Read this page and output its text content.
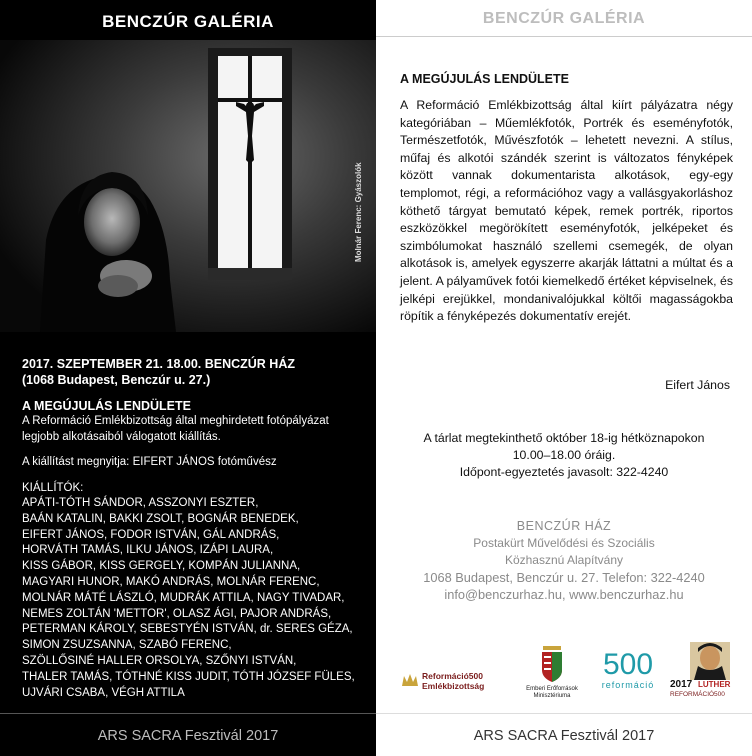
BENCZÚR GALÉRIA
Molnár Ferenc: Gyászolók
2017. SZEPTEMBER 21. 18.00. BENCZÚR HÁZ
(1068 Budapest, Benczúr u. 27.)
A MEGÚJULÁS LENDÜLETE
A Reformáció Emlékbizottság által meghirdetett fotópályázat legjobb alkotásaiból válogatott kiállítás.
A kiállítást megnyitja: EIFERT JÁNOS fotóművész
KIÁLLÍTÓK:
APÁTI-TÓTH SÁNDOR, ASSZONYI ESZTER,
BAÁN KATALIN, BAKKI ZSOLT, BOGNÁR BENEDEK,
EIFERT JÁNOS, FODOR ISTVÁN, GÁL ANDRÁS,
HORVÁTH TAMÁS, ILKU JÁNOS, IZÁPI LAURA,
KISS GÁBOR, KISS GERGELY, KOMPÁN JULIANNA,
MAGYARI HUNOR, MAKÓ ANDRÁS, MOLNÁR FERENC,
MOLNÁR MÁTÉ LÁSZLÓ, MUDRÁK ATTILA, NAGY TIVADAR,
NEMES ZOLTÁN 'METTOR', OLASZ ÁGI, PAJOR ANDRÁS,
PETERMAN KÁROLY, SEBESTYÉN ISTVÁN, dr. SERES GÉZA,
SIMON ZSUZSANNA, SZABÓ FERENC,
SZÖLLŐSINÉ HALLER ORSOLYA, SZŐNYI ISTVÁN,
THALER TAMÁS, TÓTHNÉ KISS JUDIT, TÓTH JÓZSEF FÜLES,
UJVÁRI CSABA, VÉGH ATTILA
ARS SACRA Fesztivál 2017
BENCZÚR GALÉRIA
A MEGÚJULÁS LENDÜLETE
A Reformáció Emlékbizottság által kiírt pályázatra négy kategóriában – Műemlékfotók, Portrék és eseményfotók, Természetfotók, Művészfotók – lehetett nevezni. A stílus, műfaj és alkotói szándék szerint is változatos fényképek között vannak dokumentarista alkotások, egy-egy templomot, régi, a reformációhoz vagy a vallásgyakorláshoz köthető tárgyat bemutató képek, remek portrék, riportos eszközökkel megörökített eseményfotók, jelképeket és szimbólumokat használó szellemi csemegék, de olyan alkotások is, amelyek egyszerre akarják láttatni a múltat és a jelent. A pályaművek fotói kiemelkedő értéket képviselnek, és jelképi erejükkel, mondanivalójukkal költői magasságokba röpítik a fényképezés dokumentatív erejét.
Eifert János
A tárlat megtekinthető október 18-ig hétköznapokon
10.00–18.00 óráig.
Időpont-egyeztetés javasolt: 322-4240
BENCZÚR HÁZ
Postakürt Művelődési és Szociális
Közhasznú Alapítvány
1068 Budapest, Benczúr u. 27. Telefon: 322-4240
info@benczurhaz.hu, www.benczurhaz.hu
Reformáció500
Emlékbizottság	Emberi Erőforrások
Minisztériuma
500
reformáció 2017 LUTHER
REFORMÁCIÓ500
ARS SACRA Fesztivál 2017
